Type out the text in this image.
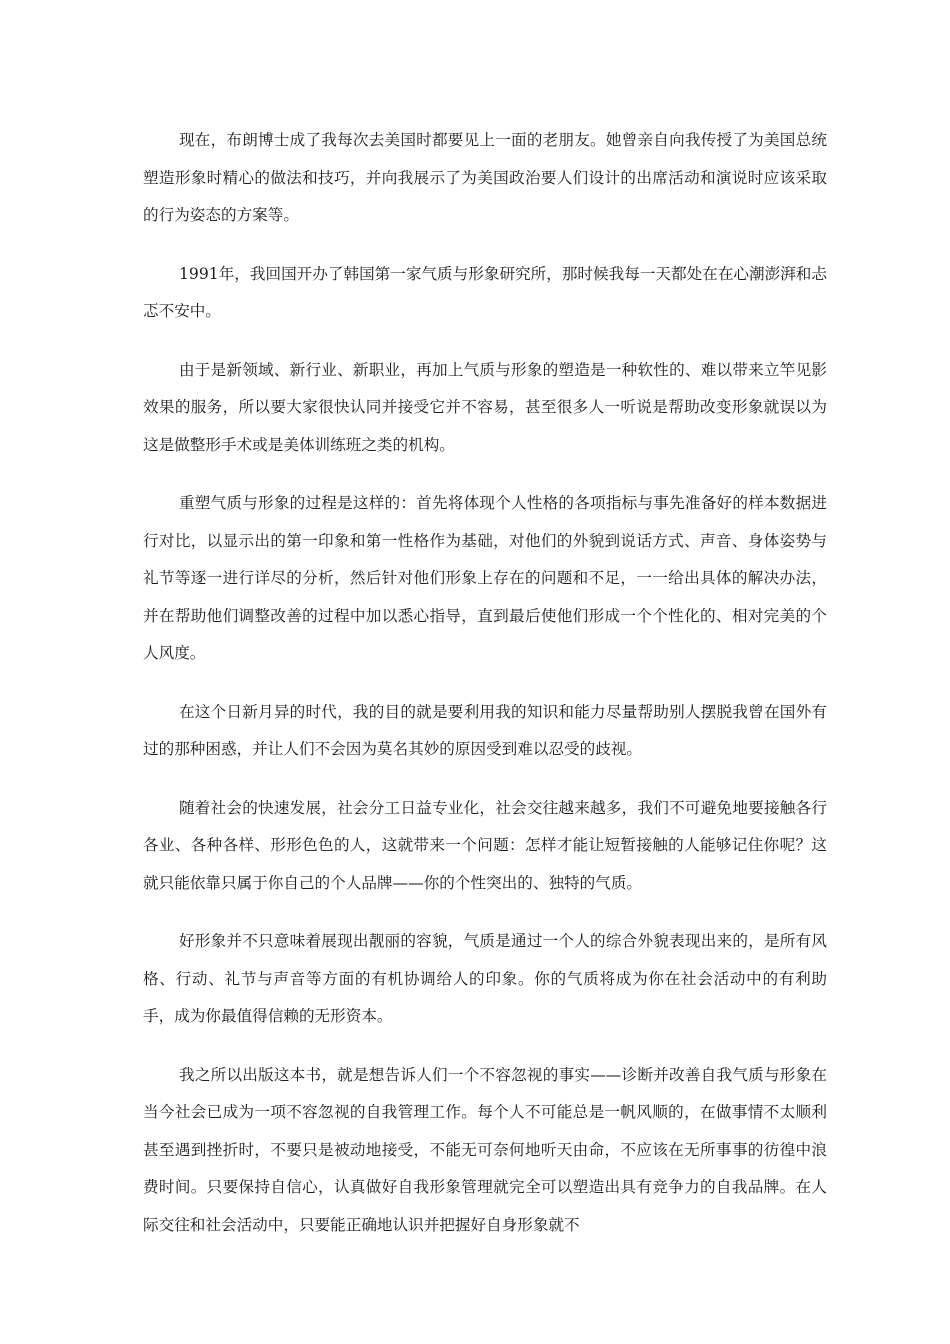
现在，布朗博士成了我每次去美国时都要见上一面的老朋友。她曾亲自向我传授了为美国总统塑造形象时精心的做法和技巧，并向我展示了为美国政治要人们设计的出席活动和演说时应该采取的行为姿态的方案等。

1991年，我回国开办了韩国第一家气质与形象研究所，那时候我每一天都处在在心潮澎湃和忐忑不安中。

由于是新领域、新行业、新职业，再加上气质与形象的塑造是一种软性的、难以带来立竿见影效果的服务，所以要大家很快认同并接受它并不容易，甚至很多人一听说是帮助改变形象就误以为这是做整形手术或是美体训练班之类的机构。

重塑气质与形象的过程是这样的：首先将体现个人性格的各项指标与事先准备好的样本数据进行对比，以显示出的第一印象和第一性格作为基础，对他们的外貌到说话方式、声音、身体姿势与礼节等逐一进行详尽的分析，然后针对他们形象上存在的问题和不足，一一给出具体的解决办法，并在帮助他们调整改善的过程中加以悉心指导，直到最后使他们形成一个个性化的、相对完美的个人风度。

在这个日新月异的时代，我的目的就是要利用我的知识和能力尽量帮助别人摆脱我曾在国外有过的那种困惑，并让人们不会因为莫名其妙的原因受到难以忍受的歧视。

随着社会的快速发展，社会分工日益专业化，社会交往越来越多，我们不可避免地要接触各行各业、各种各样、形形色色的人，这就带来一个问题：怎样才能让短暂接触的人能够记住你呢？这就只能依靠只属于你自己的个人品牌——你的个性突出的、独特的气质。

好形象并不只意味着展现出靓丽的容貌，气质是通过一个人的综合外貌表现出来的，是所有风格、行动、礼节与声音等方面的有机协调给人的印象。你的气质将成为你在社会活动中的有利助手，成为你最值得信赖的无形资本。

我之所以出版这本书，就是想告诉人们一个不容忽视的事实——诊断并改善自我气质与形象在当今社会已成为一项不容忽视的自我管理工作。每个人不可能总是一帆风顺的，在做事情不太顺利甚至遇到挫折时，不要只是被动地接受，不能无可奈何地听天由命，不应该在无所事事的彷徨中浪费时间。只要保持自信心，认真做好自我形象管理就完全可以塑造出具有竞争力的自我品牌。在人际交往和社会活动中，只要能正确地认识并把握好自身形象就不
